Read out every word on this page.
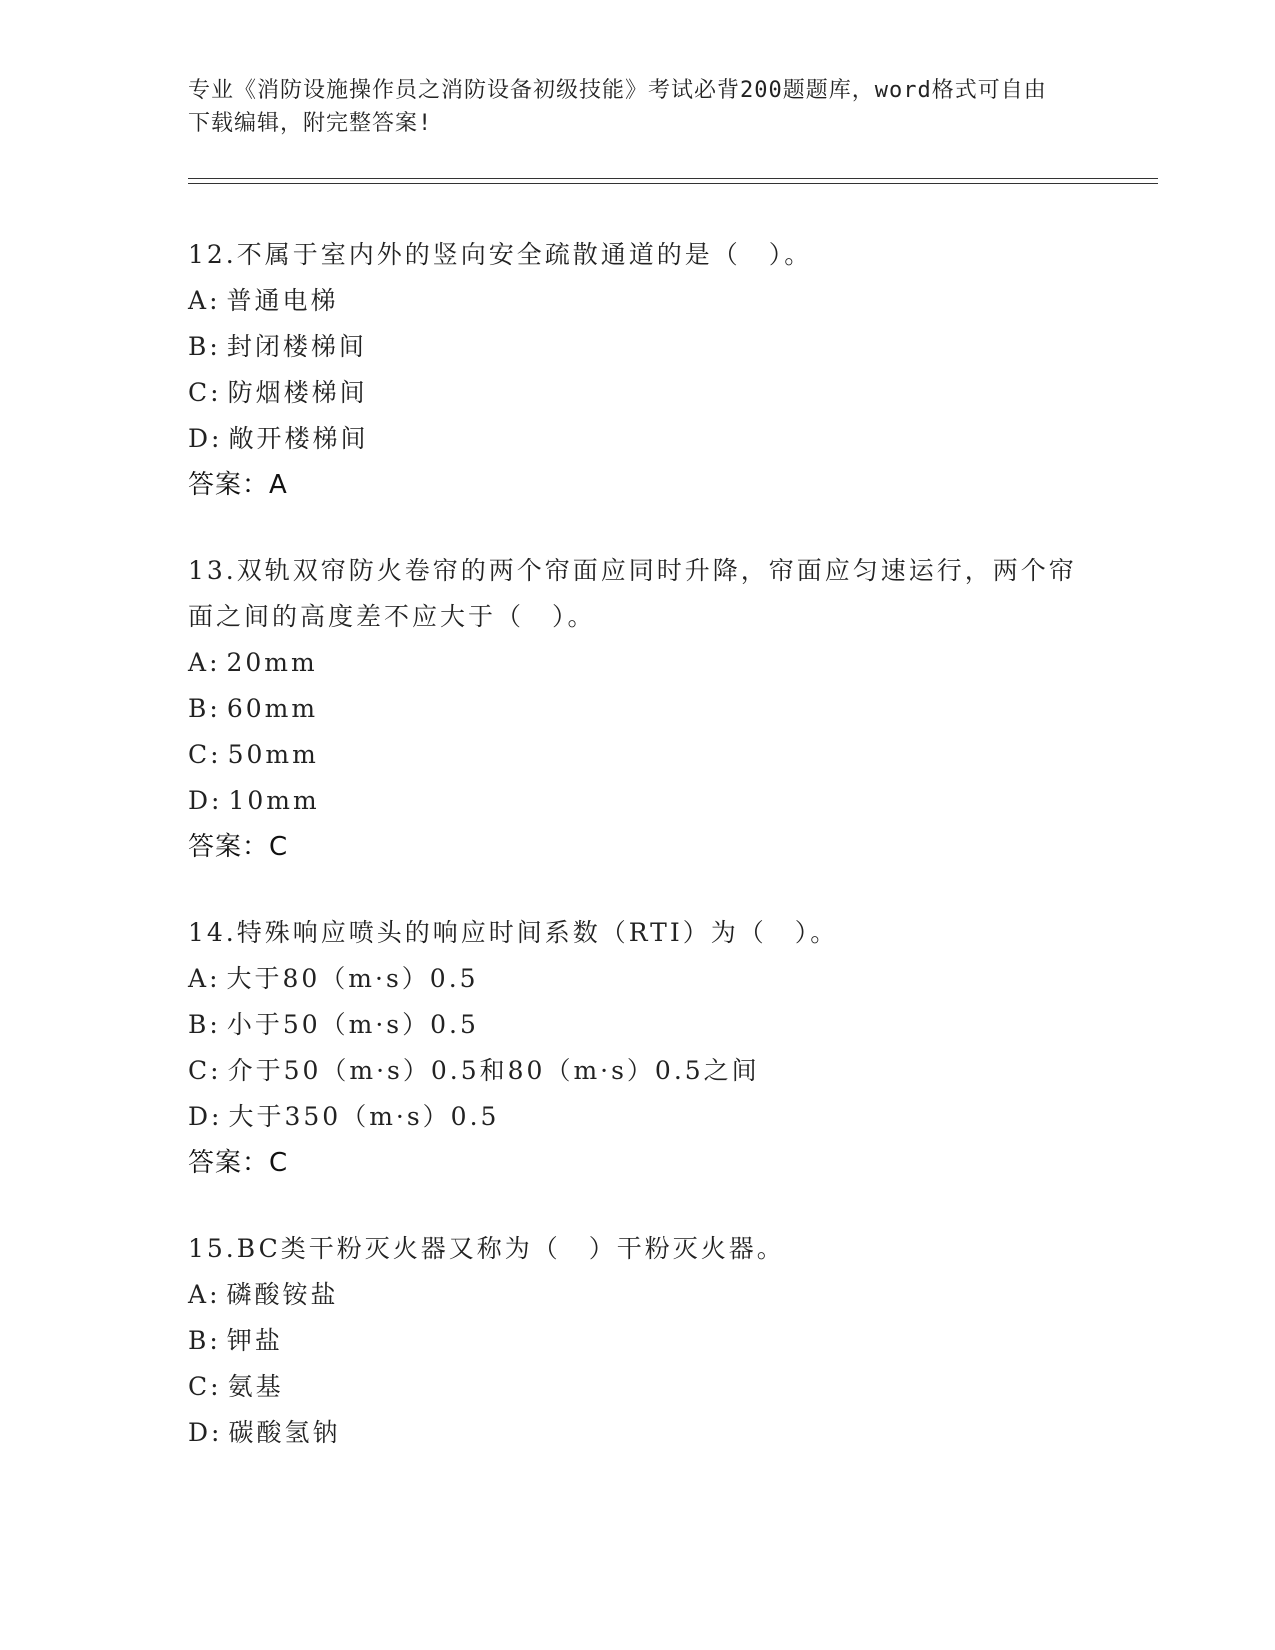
专业《消防设施操作员之消防设备初级技能》考试必背200题题库，word格式可自由下载编辑，附完整答案!

12.不属于室内外的竖向安全疏散通道的是（　）。

A: 普通电梯

B: 封闭楼梯间

C: 防烟楼梯间

D: 敞开楼梯间

答案：A

13.双轨双帘防火卷帘的两个帘面应同时升降，帘面应匀速运行，两个帘面之间的高度差不应大于（　）。

A: 20mm

B: 60mm

C: 50mm

D: 10mm

答案：C

14.特殊响应喷头的响应时间系数（RTI）为（　）。

A: 大于80（m·s）0.5

B: 小于50（m·s）0.5

C: 介于50（m·s）0.5和80（m·s）0.5之间

D: 大于350（m·s）0.5

答案：C

15.BC类干粉灭火器又称为（　）干粉灭火器。

A: 磷酸铵盐

B: 钾盐

C: 氨基

D: 碳酸氢钠
